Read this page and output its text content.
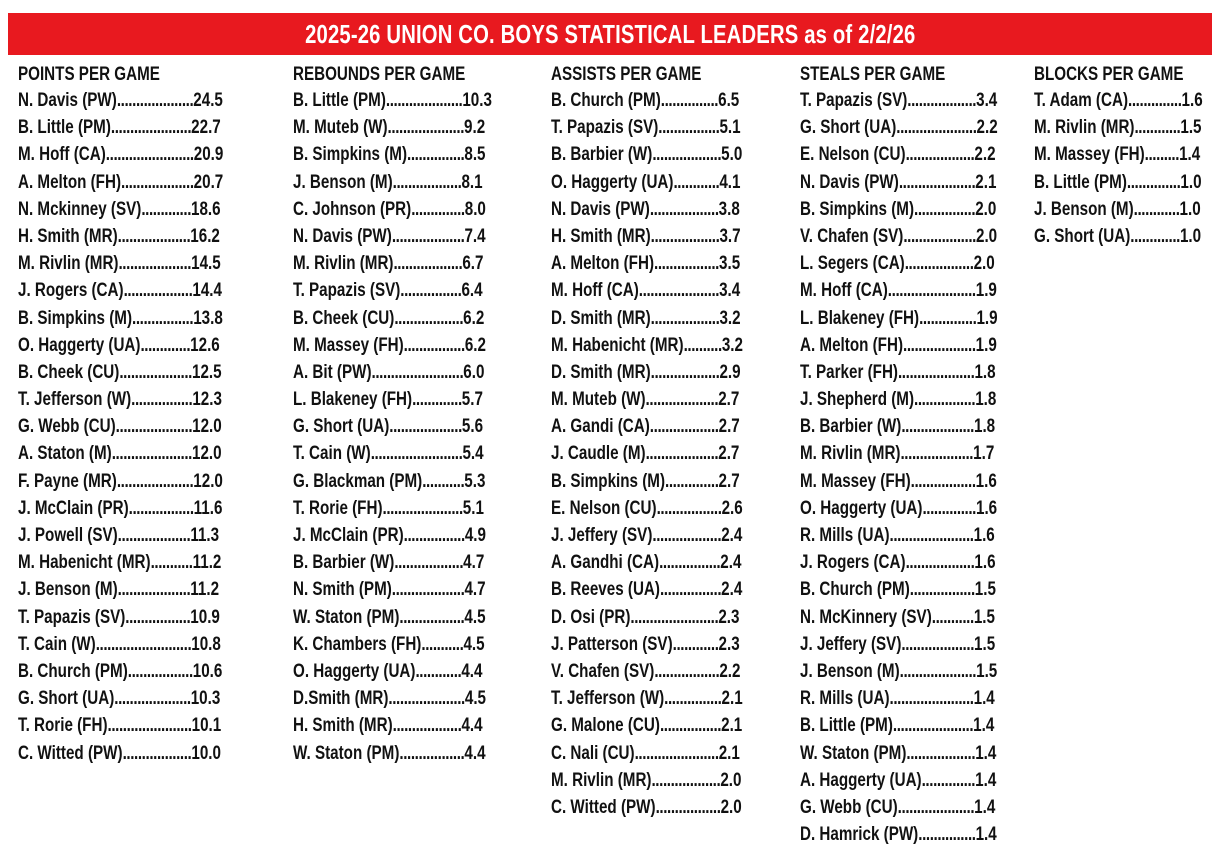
2025-26 UNION CO. BOYS STATISTICAL LEADERS as of 2/2/26
POINTS PER GAME
N. Davis (PW)....................24.5
B. Little (PM).....................22.7
M. Hoff (CA).......................20.9
A. Melton (FH)...................20.7
N. Mckinney (SV).............18.6
H. Smith (MR)...................16.2
M. Rivlin (MR)...................14.5
J. Rogers (CA)..................14.4
B. Simpkins (M)................13.8
O. Haggerty (UA).............12.6
B. Cheek (CU)...................12.5
T. Jefferson (W)................12.3
G. Webb (CU)....................12.0
A. Staton (M).....................12.0
F. Payne (MR)....................12.0
J. McClain (PR).................11.6
J. Powell (SV)...................11.3
M. Habenicht (MR)...........11.2
J. Benson (M)...................11.2
T. Papazis (SV).................10.9
T. Cain (W).........................10.8
B. Church (PM).................10.6
G. Short (UA)....................10.3
T. Rorie (FH)......................10.1
C. Witted (PW)..................10.0
REBOUNDS PER GAME
B. Little (PM)....................10.3
M. Muteb (W)....................9.2
B. Simpkins (M)...............8.5
J. Benson (M)..................8.1
C. Johnson (PR)..............8.0
N. Davis (PW)...................7.4
M. Rivlin (MR)..................6.7
T. Papazis (SV)................6.4
B. Cheek (CU)..................6.2
M. Massey (FH)................6.2
A. Bit (PW)........................6.0
L. Blakeney (FH).............5.7
G. Short (UA)...................5.6
T. Cain (W)........................5.4
G. Blackman (PM)...........5.3
T. Rorie (FH).....................5.1
J. McClain (PR)................4.9
B. Barbier (W)..................4.7
N. Smith (PM)...................4.7
W. Staton (PM).................4.5
K. Chambers (FH)...........4.5
O. Haggerty (UA)............4.4
D.Smith (MR)....................4.5
H. Smith (MR)..................4.4
W. Staton (PM).................4.4
ASSISTS PER GAME
B. Church (PM)...............6.5
T. Papazis (SV)................5.1
B. Barbier (W)..................5.0
O. Haggerty (UA)............4.1
N. Davis (PW)..................3.8
H. Smith (MR)..................3.7
A. Melton (FH).................3.5
M. Hoff (CA).....................3.4
D. Smith (MR)..................3.2
M. Habenicht (MR)..........3.2
D. Smith (MR)..................2.9
M. Muteb (W)...................2.7
A. Gandi (CA)..................2.7
J. Caudle (M)...................2.7
B. Simpkins (M)..............2.7
E. Nelson (CU).................2.6
J. Jeffery (SV)..................2.4
A. Gandhi (CA)................2.4
B. Reeves (UA)................2.4
D. Osi (PR).......................2.3
J. Patterson (SV)............2.3
V. Chafen (SV).................2.2
T. Jefferson (W)...............2.1
G. Malone (CU)................2.1
C. Nali (CU)......................2.1
M. Rivlin (MR)..................2.0
C. Witted (PW).................2.0
STEALS PER GAME
T. Papazis (SV)..................3.4
G. Short (UA).....................2.2
E. Nelson (CU)..................2.2
N. Davis (PW)....................2.1
B. Simpkins (M)................2.0
V. Chafen (SV)...................2.0
L. Segers (CA)..................2.0
M. Hoff (CA).......................1.9
L. Blakeney (FH)...............1.9
A. Melton (FH)...................1.9
T. Parker (FH)....................1.8
J. Shepherd (M)................1.8
B. Barbier (W)...................1.8
M. Rivlin (MR)...................1.7
M. Massey (FH).................1.6
O. Haggerty (UA)..............1.6
R. Mills (UA)......................1.6
J. Rogers (CA)..................1.6
B. Church (PM).................1.5
N. McKinnery (SV)...........1.5
J. Jeffery (SV)...................1.5
J. Benson (M)....................1.5
R. Mills (UA)......................1.4
B. Little (PM).....................1.4
W. Staton (PM)..................1.4
A. Haggerty (UA)..............1.4
G. Webb (CU)....................1.4
D. Hamrick (PW)...............1.4
BLOCKS PER GAME
T. Adam (CA)..............1.6
M. Rivlin (MR)............1.5
M. Massey (FH).........1.4
B. Little (PM)..............1.0
J. Benson (M)............1.0
G. Short (UA).............1.0
